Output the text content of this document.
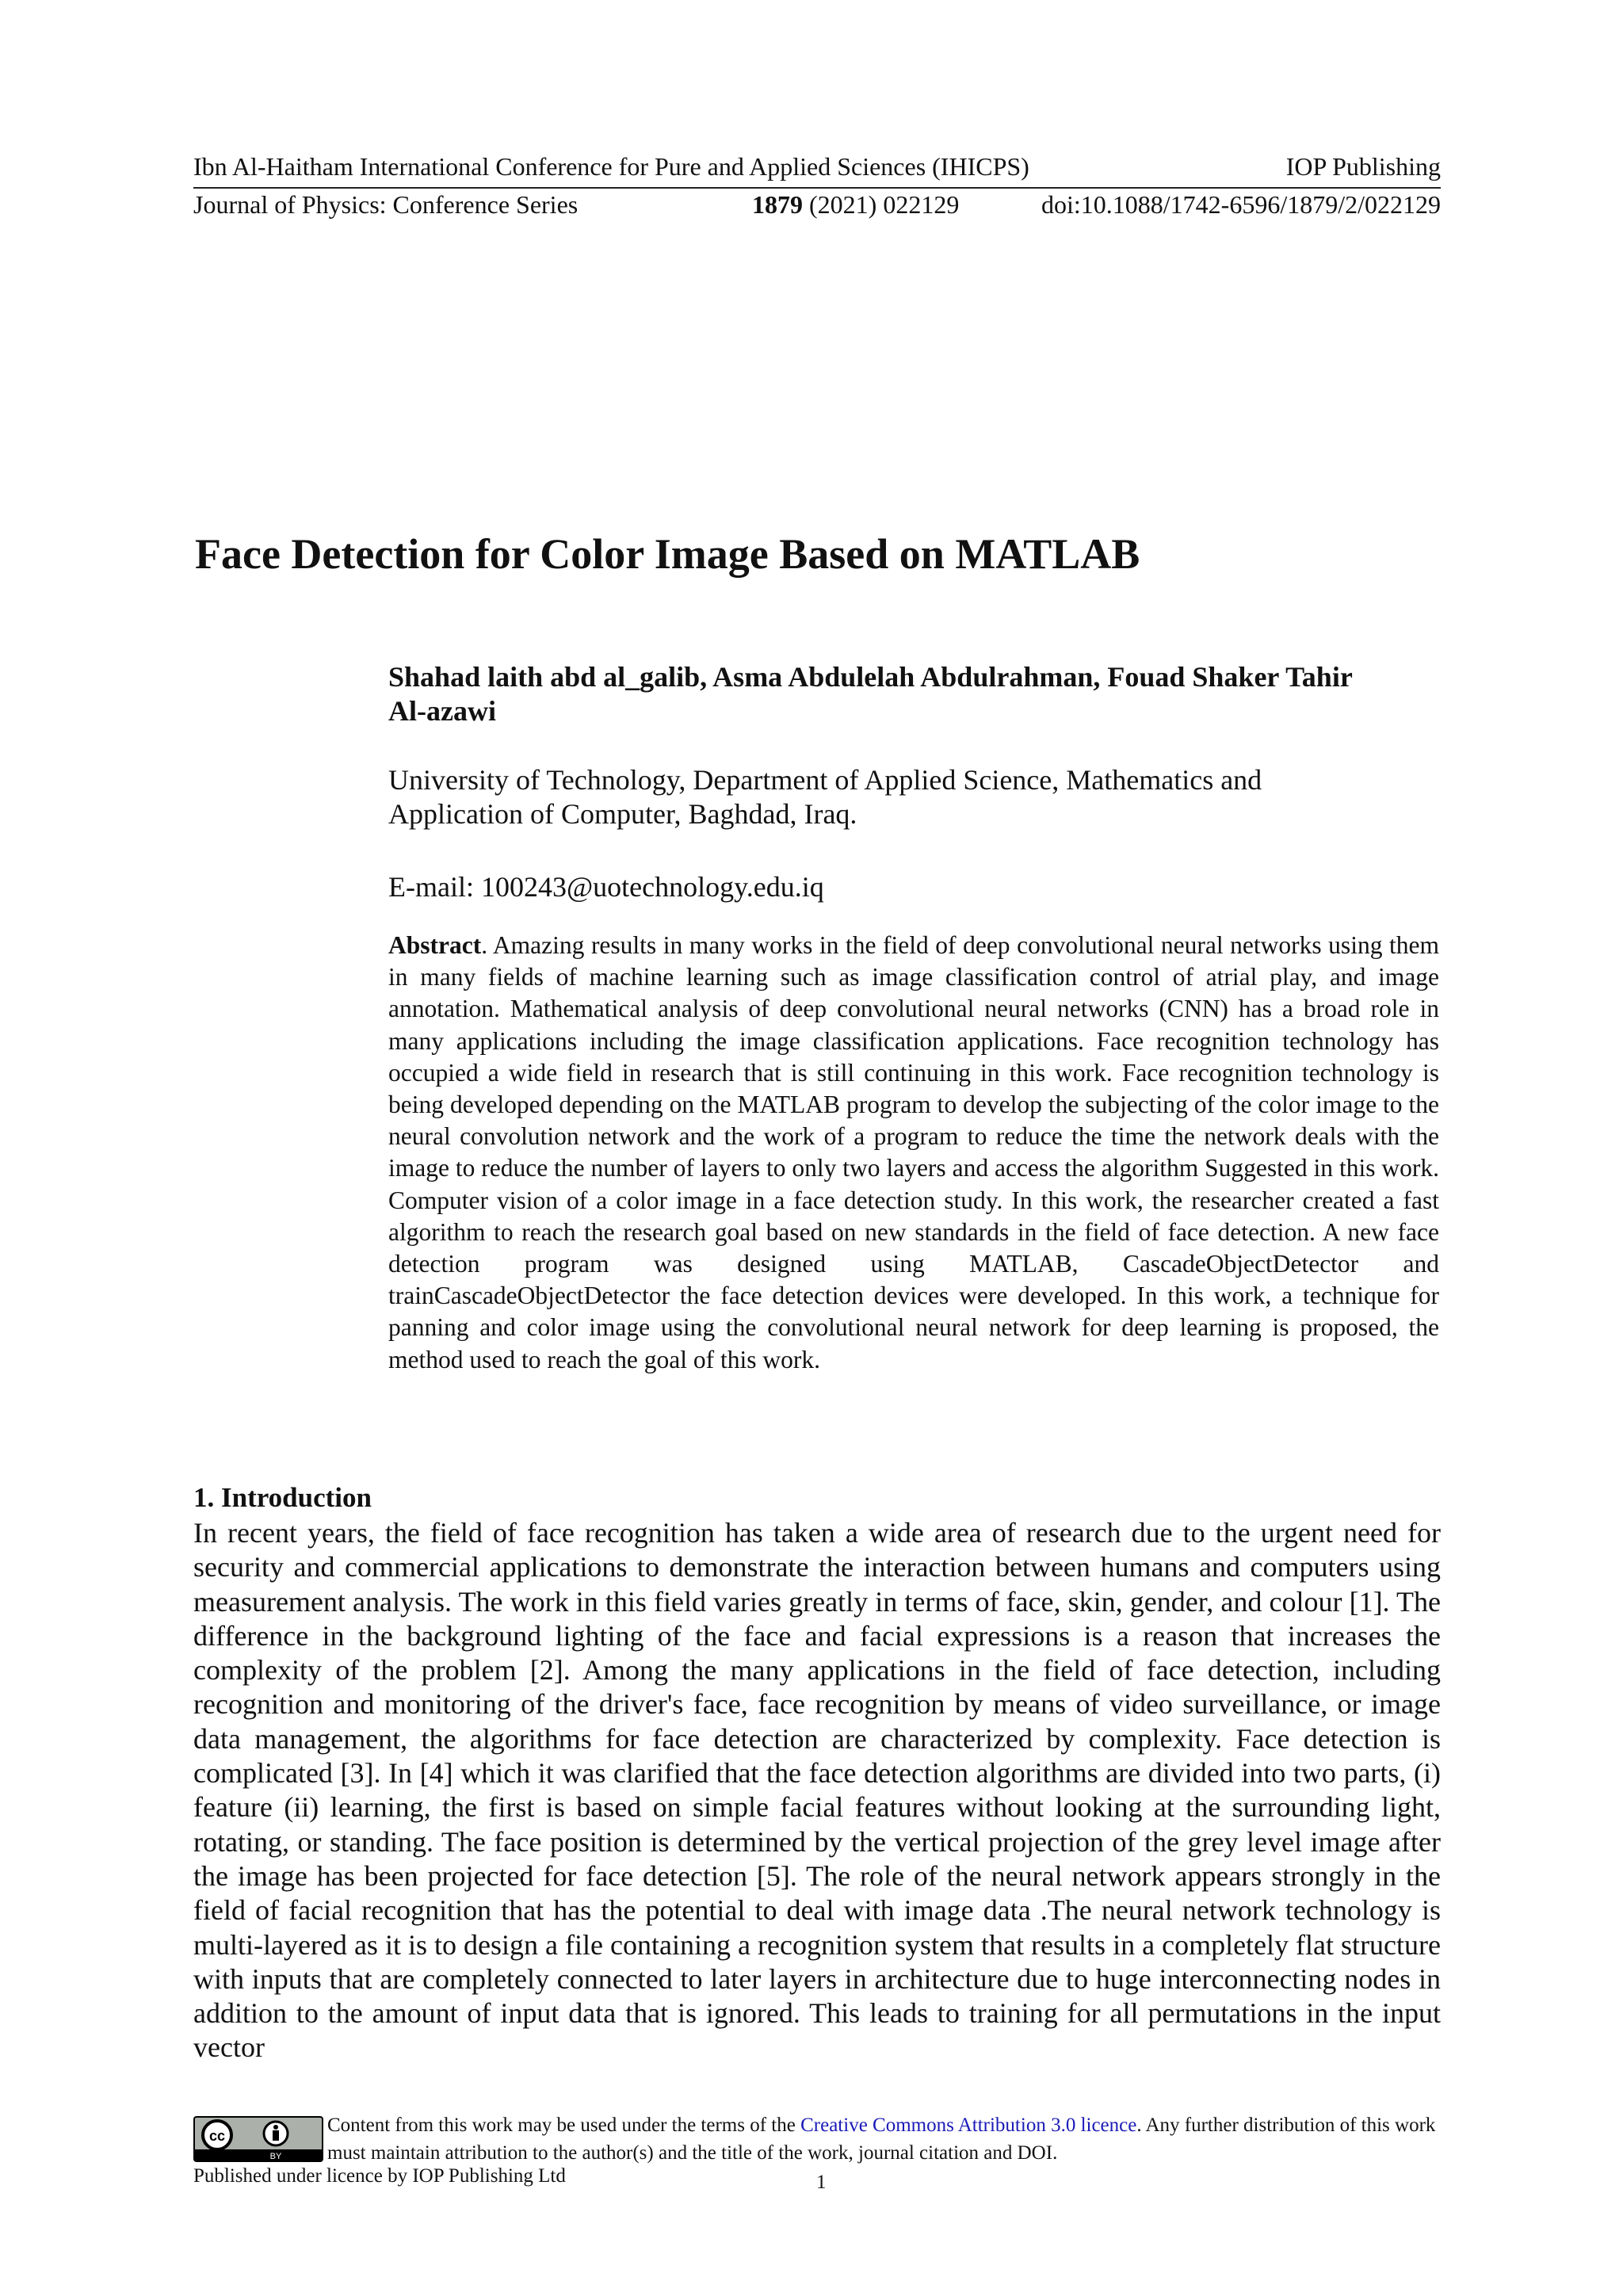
Ibn Al-Haitham International Conference for Pure and Applied Sciences (IHICPS)	IOP Publishing
Journal of Physics: Conference Series	1879 (2021) 022129	doi:10.1088/1742-6596/1879/2/022129
Face Detection for Color Image Based on MATLAB
Shahad laith abd al_galib, Asma Abdulelah Abdulrahman, Fouad Shaker Tahir
Al-azawi
University of Technology, Department of Applied Science, Mathematics and
Application of Computer, Baghdad, Iraq.
E-mail: 100243@uotechnology.edu.iq
Abstract. Amazing results in many works in the field of deep convolutional neural networks using them in many fields of machine learning such as image classification control of atrial play, and image annotation. Mathematical analysis of deep convolutional neural networks (CNN) has a broad role in many applications including the image classification applications. Face recognition technology has occupied a wide field in research that is still continuing in this work. Face recognition technology is being developed depending on the MATLAB program to develop the subjecting of the color image to the neural convolution network and the work of a program to reduce the time the network deals with the image to reduce the number of layers to only two layers and access the algorithm Suggested in this work. Computer vision of a color image in a face detection study. In this work, the researcher created a fast algorithm to reach the research goal based on new standards in the field of face detection. A new face detection program was designed using MATLAB, CascadeObjectDetector and trainCascadeObjectDetector the face detection devices were developed. In this work, a technique for panning and color image using the convolutional neural network for deep learning is proposed, the method used to reach the goal of this work.
1. Introduction
In recent years, the field of face recognition has taken a wide area of research due to the urgent need for security and commercial applications to demonstrate the interaction between humans and computers using measurement analysis. The work in this field varies greatly in terms of face, skin, gender, and colour [1]. The difference in the background lighting of the face and facial expressions is a reason that increases the complexity of the problem [2]. Among the many applications in the field of face detection, including recognition and monitoring of the driver's face, face recognition by means of video surveillance, or image data management, the algorithms for face detection are characterized by complexity. Face detection is complicated [3]. In [4] which it was clarified that the face detection algorithms are divided into two parts, (i) feature (ii) learning, the first is based on simple facial features without looking at the surrounding light, rotating, or standing. The face position is determined by the vertical projection of the grey level image after the image has been projected for face detection [5]. The role of the neural network appears strongly in the field of facial recognition that has the potential to deal with image data .The neural network technology is multi-layered as it is to design a file containing a recognition system that results in a completely flat structure with inputs that are completely connected to later layers in architecture due to huge interconnecting nodes in addition to the amount of input data that is ignored. This leads to training for all permutations in the input vector
cc
BY
Content from this work may be used under the terms of the Creative Commons Attribution 3.0 licence. Any further distribution of this work must maintain attribution to the author(s) and the title of the work, journal citation and DOI.
Published under licence by IOP Publishing Ltd	1
